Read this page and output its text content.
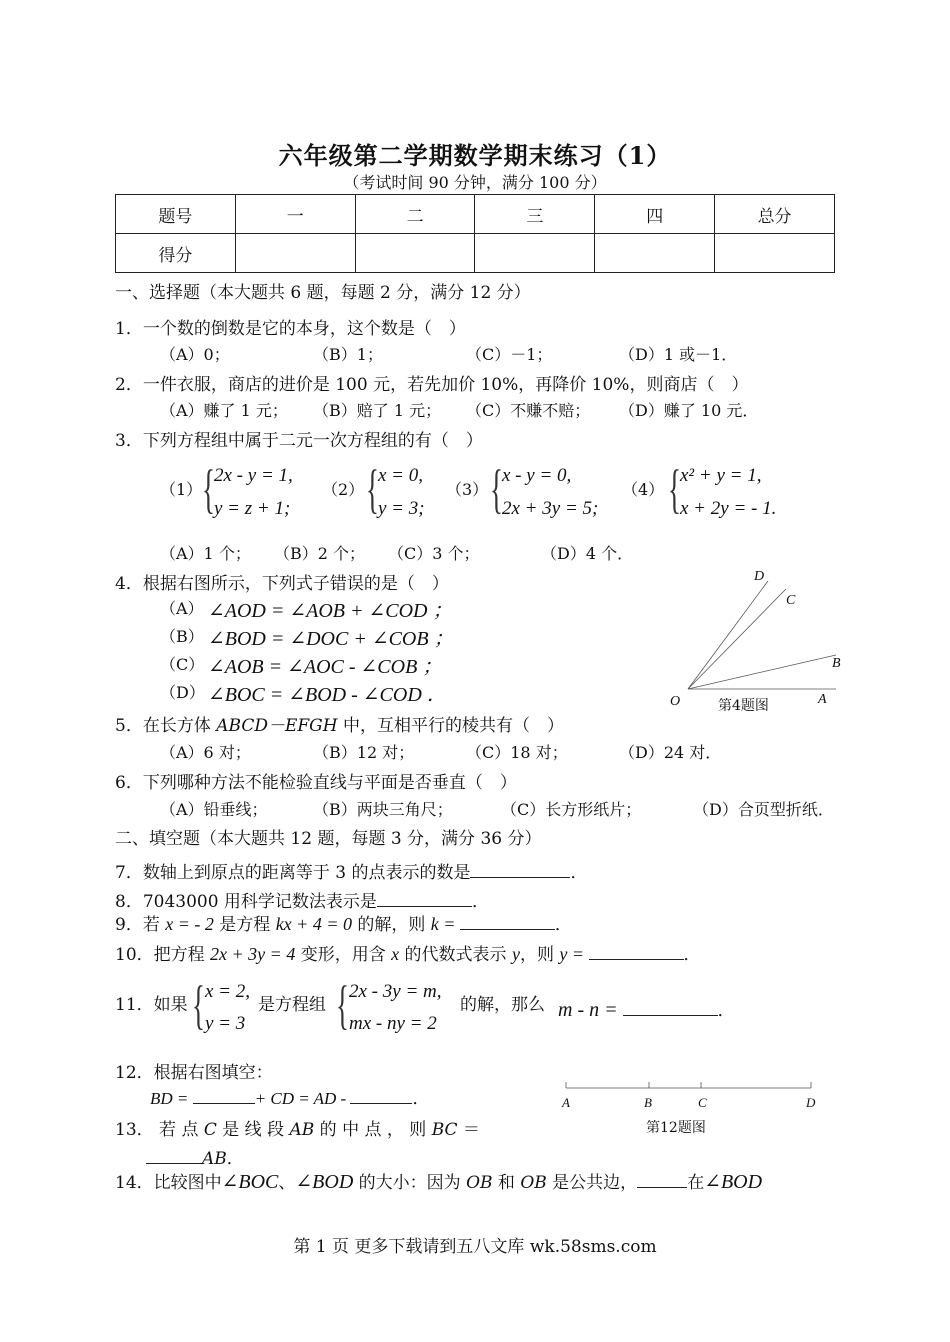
六年级第二学期数学期末练习（1）
（考试时间 90 分钟，满分 100 分）
题号	一	二	三	四	总分
得分					
一、选择题（本大题共 6 题，每题 2 分，满分 12 分）
1．一个数的倒数是它的本身，这个数是（　）
（A）0；	（B）1；	（C）－1；	（D）1 或－1．
2．一件衣服，商店的进价是 100 元，若先加价 10%，再降价 10%，则商店（　）
（A）赚了 1 元； （B）赔了 1 元； （C）不赚不赔； （D）赚了 10 元．
3．下列方程组中属于二元一次方程组的有（　）
（1） { 2x - y = 1,
y = z + 1;
（2） { x = 0,
y = 3;
（3） { x - y = 0,
2x + 3y = 5;
（4） { x² + y = 1,
x + 2y = - 1.
（A）1 个； （B）2 个； （C）3 个；	（D）4 个．
4．根据右图所示，下列式子错误的是（　）
（A） ∠AOD = ∠AOB + ∠COD ；
（B） ∠BOD = ∠DOC + ∠COB ；
（C） ∠AOB = ∠AOC - ∠COB ；
（D） ∠BOC = ∠BOD - ∠COD ．
D
C
B
A
O	第4题图
5．在长方体 ABCD－EFGH 中，互相平行的棱共有（　）
（A）6 对；	（B）12 对；	（C）18 对；	（D）24 对．
6．下列哪种方法不能检验直线与平面是否垂直（　）
（A）铅垂线；	（B）两块三角尺；	（C）长方形纸片；	（D）合页型折纸．
二、填空题（本大题共 12 题，每题 3 分，满分 36 分）
7．数轴上到原点的距离等于 3 的点表示的数是	．
8．7043000 用科学记数法表示是	．
9．若 x = - 2 是方程 kx + 4 = 0 的解，则 k =	．
10．把方程 2x + 3y = 4 变形，用含 x 的代数式表示 y，则 y =	．
11．如果 { x = 2,
y = 3
是方程组 { 2x - 3y = m,
mx - ny = 2
的解，那么 m - n =	．
12．根据右图填空：
BD =	+ CD = AD -	．	A	B	C	D
第12题图
13． 若 点 C 是 线 段 AB 的 中 点 ， 则 BC ＝
AB．
14．比较图中∠BOC、∠BOD 的大小：因为 OB 和 OB 是公共边，	在∠BOD
第 1 页 更多下载请到五八文库 wk.58sms.com
